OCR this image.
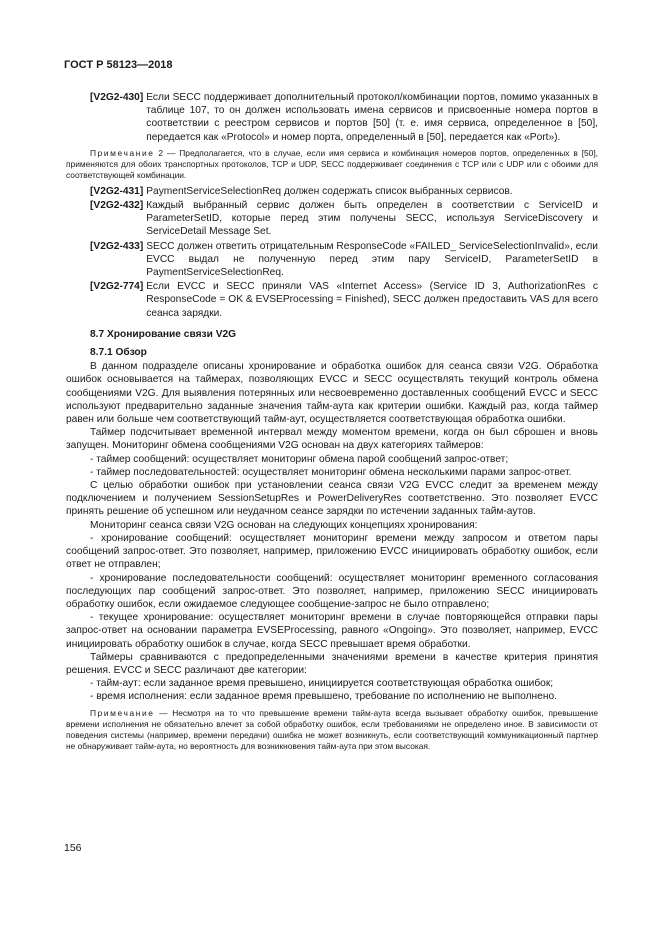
ГОСТ Р 58123—2018
[V2G2-430] Если SECC поддерживает дополнительный протокол/комбинации портов, помимо указанных в таблице 107, то он должен использовать имена сервисов и присвоенные номера портов в соответствии с реестром сервисов и портов [50] (т. е. имя сервиса, определенное в [50], передается как «Protocol» и номер порта, определенный в [50], передается как «Port»).

Примечание 2 — Предполагается, что в случае, если имя сервиса и комбинация номеров портов, определенных в [50], применяются для обоих транспортных протоколов, TCP и UDP, SECC поддерживает соединения с TCP или с UDP или с обоими для соответствующей комбинации.

[V2G2-431] PaymentServiceSelectionReq должен содержать список выбранных сервисов.
[V2G2-432] Каждый выбранный сервис должен быть определен в соответствии с ServiceID и ParameterSetID, которые перед этим получены SECC, используя ServiceDiscovery и ServiceDetail Message Set.
[V2G2-433] SECC должен ответить отрицательным ResponseCode «FAILED_ ServiceSelectionInvalid», если EVCC выдал не полученную перед этим пару ServiceID, ParameterSetID в PaymentServiceSelectionReq.
[V2G2-774] Если EVCC и SECC приняли VAS «Internet Access» (Service ID 3, AuthorizationRes с ResponseCode = OK & EVSEProcessing = Finished), SECC должен предоставить VAS для всего сеанса зарядки.

8.7 Хронирование связи V2G

8.7.1 Обзор

В данном подразделе описаны хронирование и обработка ошибок для сеанса связи V2G. Обработка ошибок основывается на таймерах, позволяющих EVCC и SECC осуществлять текущий контроль обмена сообщениями V2G. Для выявления потерянных или несвоевременно доставленных сообщений EVCC и SECC используют предварительно заданные значения тайм-аута как критерии ошибки. Каждый раз, когда таймер равен или больше чем соответствующий тайм-аут, осуществляется соответствующая обработка ошибки.

Таймер подсчитывает временной интервал между моментом времени, когда он был сброшен и вновь запущен. Мониторинг обмена сообщениями V2G основан на двух категориях таймеров:

- таймер сообщений: осуществляет мониторинг обмена парой сообщений запрос-ответ;

- таймер последовательностей: осуществляет мониторинг обмена несколькими парами запрос-ответ.

С целью обработки ошибок при установлении сеанса связи V2G EVCC следит за временем между подключением и получением SessionSetupRes и PowerDeliveryRes соответственно. Это позволяет EVCC принять решение об успешном или неудачном сеансе зарядки по истечении заданных тайм-аутов.

Мониторинг сеанса связи V2G основан на следующих концепциях хронирования:

- хронирование сообщений: осуществляет мониторинг времени между запросом и ответом пары сообщений запрос-ответ. Это позволяет, например, приложению EVCC инициировать обработку ошибок, если ответ не отправлен;

- хронирование последовательности сообщений: осуществляет мониторинг временного согласования последующих пар сообщений запрос-ответ. Это позволяет, например, приложению SECC инициировать обработку ошибок, если ожидаемое следующее сообщение-запрос не было отправлено;

- текущее хронирование: осуществляет мониторинг времени в случае повторяющейся отправки пары запрос-ответ на основании параметра EVSEProcessing, равного «Ongoing». Это позволяет, например, EVCC инициировать обработку ошибок в случае, когда SECC превышает время обработки.

Таймеры сравниваются с предопределенными значениями времени в качестве критерия принятия решения. EVCC и SECC различают две категории:

- тайм-аут: если заданное время превышено, инициируется соответствующая обработка ошибок;

- время исполнения: если заданное время превышено, требование по исполнению не выполнено.

Примечание — Несмотря на то что превышение времени тайм-аута всегда вызывает обработку ошибок, превышение времени исполнения не обязательно влечет за собой обработку ошибок, если требованиями не определено иное. В зависимости от поведения системы (например, времени передачи) ошибка не может возникнуть, если соответствующий коммуникационный партнер не обнаруживает тайм-аута, но вероятность для возникновения тайм-аута при этом высокая.

156
